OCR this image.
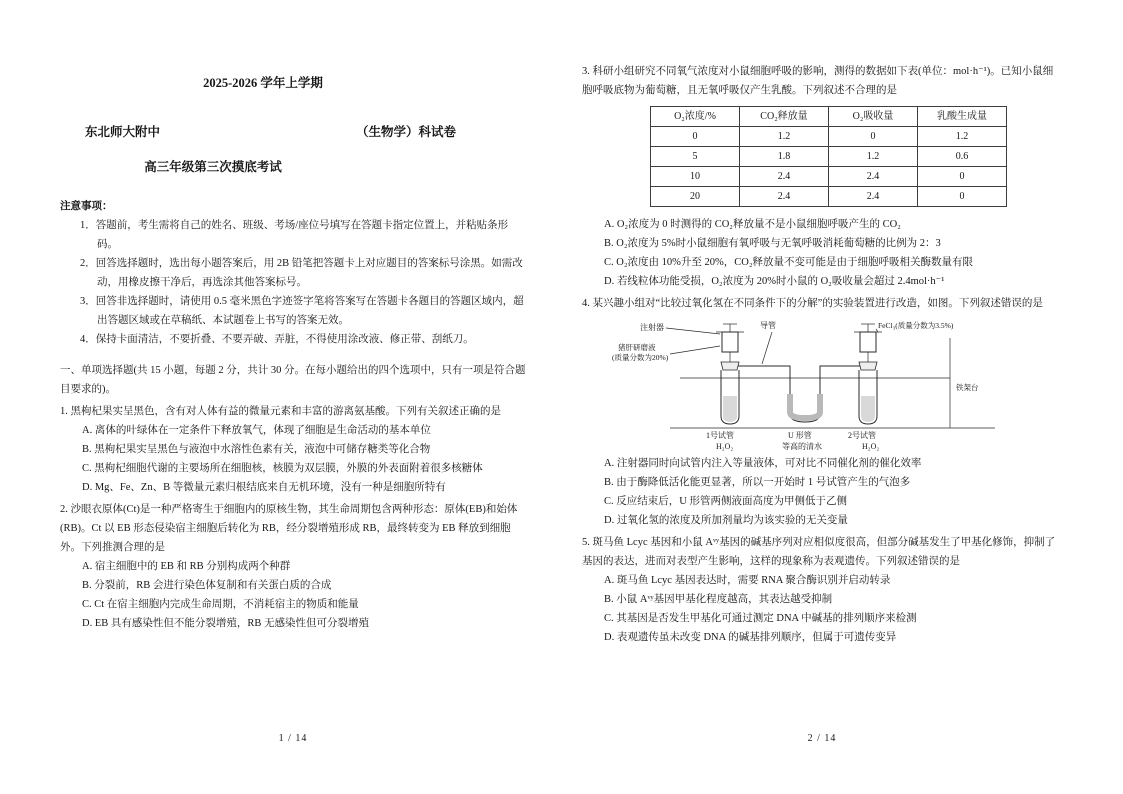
2025-2026 学年上学期
东北师大附中	（生物学）科试卷
高三年级第三次摸底考试
注意事项：
1．答题前，考生需将自己的姓名、班级、考场/座位号填写在答题卡指定位置上，并粘贴条形码。
2．回答选择题时，选出每小题答案后，用 2B 铅笔把答题卡上对应题目的答案标号涂黑。如需改动，用橡皮擦干净后，再选涂其他答案标号。
3．回答非选择题时，请使用 0.5 毫米黑色字迹签字笔将答案写在答题卡各题目的答题区域内，超出答题区域或在草稿纸、本试题卷上书写的答案无效。
4．保持卡面清洁，不要折叠、不要弄破、弄脏，不得使用涂改液、修正带、刮纸刀。
一、单项选择题(共 15 小题，每题 2 分，共计 30 分。在每小题给出的四个选项中，只有一项是符合题目要求的)。
1. 黑枸杞果实呈黑色，含有对人体有益的微量元素和丰富的游离氨基酸。下列有关叙述正确的是
A. 离体的叶绿体在一定条件下释放氧气，体现了细胞是生命活动的基本单位
B. 黑枸杞果实呈黑色与液泡中水溶性色素有关，液泡中可储存糖类等化合物
C. 黑枸杞细胞代谢的主要场所在细胞核，核膜为双层膜，外膜的外表面附着很多核糖体
D. Mg、Fe、Zn、B 等微量元素归根结底来自无机环境，没有一种是细胞所特有
2. 沙眼衣原体(Ct)是一种严格寄生于细胞内的原核生物，其生命周期包含两种形态：原体(EB)和始体(RB)。Ct 以 EB 形态侵染宿主细胞后转化为 RB，经分裂增殖形成 RB，最终转变为 EB 释放到细胞外。下列推测合理的是
A. 宿主细胞中的 EB 和 RB 分别构成两个种群
B. 分裂前，RB 会进行染色体复制和有关蛋白质的合成
C. Ct 在宿主细胞内完成生命周期，不消耗宿主的物质和能量
D. EB 具有感染性但不能分裂增殖，RB 无感染性但可分裂增殖
1 / 14
3. 科研小组研究不同氧气浓度对小鼠细胞呼吸的影响，测得的数据如下表(单位：mol·h⁻¹)。已知小鼠细胞呼吸底物为葡萄糖，且无氧呼吸仅产生乳酸。下列叙述不合理的是
O₂浓度/%	CO₂释放量	O₂吸收量	乳酸生成量
0	1.2	0	1.2
5	1.8	1.2	0.6
10	2.4	2.4	0
20	2.4	2.4	0
A. O₂浓度为 0 时测得的 CO₂释放量不是小鼠细胞呼吸产生的 CO₂
B. O₂浓度为 5%时小鼠细胞有氧呼吸与无氧呼吸消耗葡萄糖的比例为 2：3
C. O₂浓度由 10%升至 20%，CO₂释放量不变可能是由于细胞呼吸相关酶数量有限
D. 若线粒体功能受损，O₂浓度为 20%时小鼠的 O₂吸收量会超过 2.4mol·h⁻¹
4. 某兴趣小组对“比较过氧化氢在不同条件下的分解”的实验装置进行改造，如图。下列叙述错误的是
注射器	导管	FeCl₃(质量分数为3.5%)
猪肝研磨液
(质量分数为20%)
铁架台
1号试管	U 形管	2号试管
H₂O₂	H₂O₂
等高的清水
A. 注射器同时向试管内注入等量液体，可对比不同催化剂的催化效率
B. 由于酶降低活化能更显著，所以一开始时 1 号试管产生的气泡多
C. 反应结束后，U 形管两侧液面高度为甲侧低于乙侧
D. 过氧化氢的浓度及所加剂量均为该实验的无关变量
5. 斑马鱼 Lcyc 基因和小鼠 Aᵛʸ基因的碱基序列对应相似度很高，但部分碱基发生了甲基化修饰，抑制了基因的表达，进而对表型产生影响，这样的现象称为表观遗传。下列叙述错误的是
A. 斑马鱼 Lcyc 基因表达时，需要 RNA 聚合酶识别并启动转录
B. 小鼠 Aᵛʸ基因甲基化程度越高，其表达越受抑制
C. 其基因是否发生甲基化可通过测定 DNA 中碱基的排列顺序来检测
D. 表观遗传虽未改变 DNA 的碱基排列顺序，但属于可遗传变异
2 / 14
